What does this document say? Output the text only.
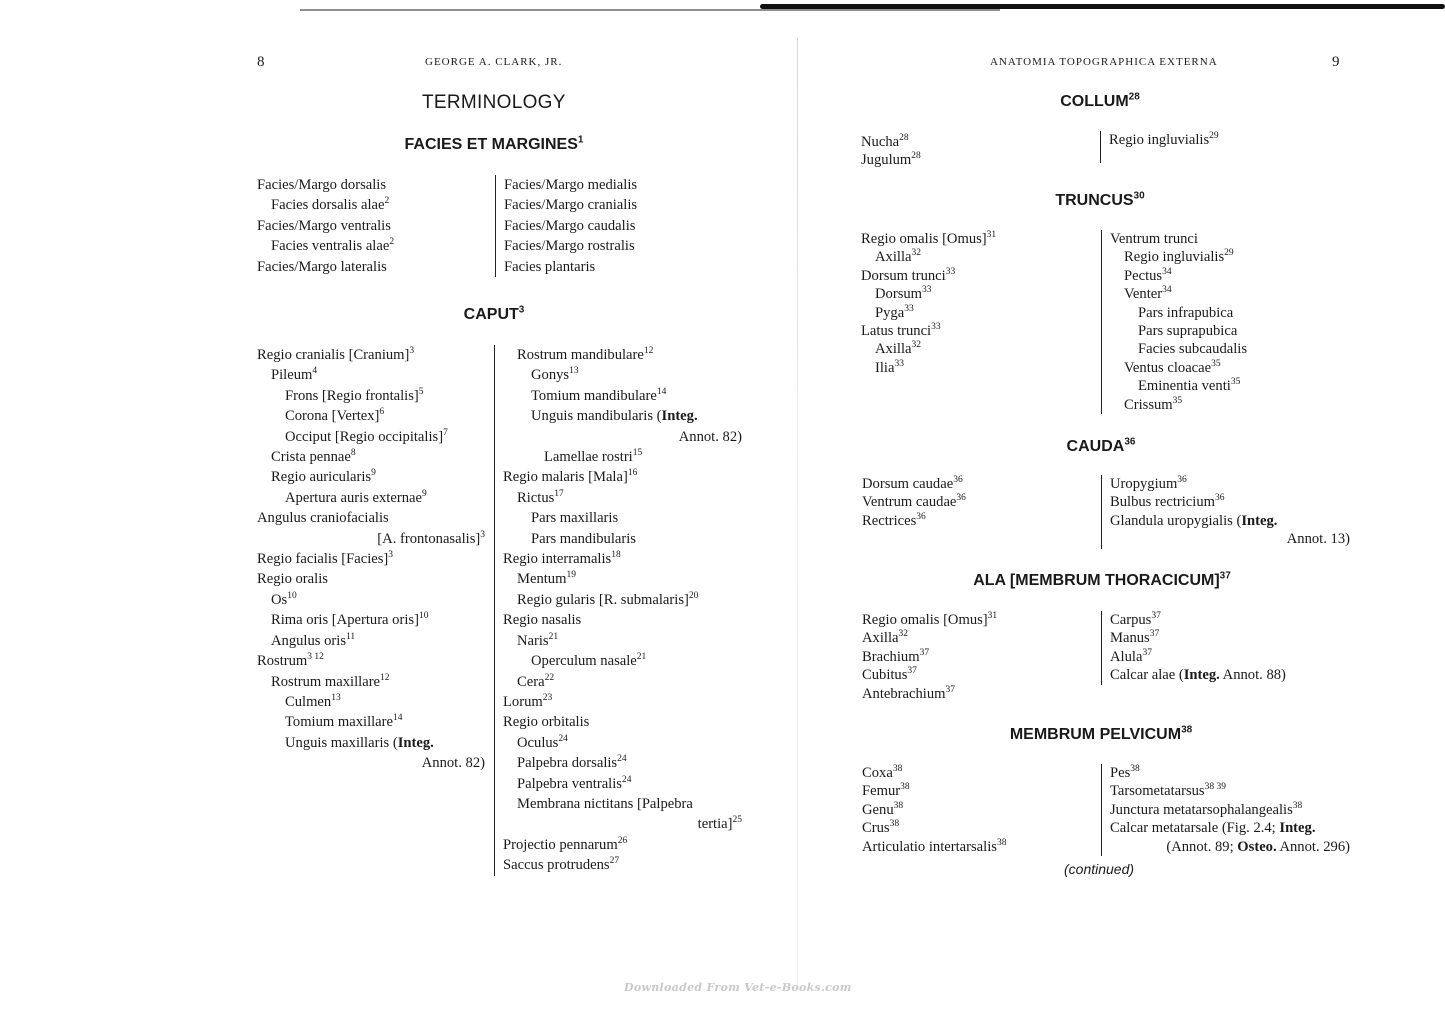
8	GEORGE A. CLARK, JR.
TERMINOLOGY
FACIES ET MARGINES$^1$
Facies/Margo dorsalis
Facies dorsalis alae$^2$
Facies/Margo ventralis
Facies ventralis alae$^2$
Facies/Margo lateralis
Facies/Margo medialis
Facies/Margo cranialis
Facies/Margo caudalis
Facies/Margo rostralis
Facies plantaris
CAPUT$^3$
Regio cranialis [Cranium]$^3$
Pileum$^4$
Frons [Regio frontalis]$^5$
Corona [Vertex]$^6$
Occiput [Regio occipitalis]$^7$
Crista pennae$^8$
Regio auricularis$^9$
Apertura auris externae$^9$
Angulus craniofacialis
[A. frontonasalis]$^3$
Regio facialis [Facies]$^3$
Regio oralis
Os$^{10}$
Rima oris [Apertura oris]$^{10}$
Angulus oris$^{11}$
Rostrum$^{3 12}$
Rostrum maxillare$^{12}$
Culmen$^{13}$
Tomium maxillare$^{14}$
Unguis maxillaris (Integ.
Annot. 82)
Rostrum mandibulare$^{12}$
Gonys$^{13}$
Tomium mandibulare$^{14}$
Unguis mandibularis (Integ.
Annot. 82)
Lamellae rostri$^{15}$
Regio malaris [Mala]$^{16}$
Rictus$^{17}$
Pars maxillaris
Pars mandibularis
Regio interramalis$^{18}$
Mentum$^{19}$
Regio gularis [R. submalaris]$^{20}$
Regio nasalis
Naris$^{21}$
Operculum nasale$^{21}$
Cera$^{22}$
Lorum$^{23}$
Regio orbitalis
Oculus$^{24}$
Palpebra dorsalis$^{24}$
Palpebra ventralis$^{24}$
Membrana nictitans [Palpebra
tertia]$^{25}$
Projectio pennarum$^{26}$
Saccus protrudens$^{27}$
ANATOMIA TOPOGRAPHICA EXTERNA	9
COLLUM$^{28}$
Nucha$^{28}$
Jugulum$^{28}$
Regio ingluvialis$^{29}$
TRUNCUS$^{30}$
Regio omalis [Omus]$^{31}$
Axilla$^{32}$
Dorsum trunci$^{33}$
Dorsum$^{33}$
Pyga$^{33}$
Latus trunci$^{33}$
Axilla$^{32}$
Ilia$^{33}$
Ventrum trunci
Regio ingluvialis$^{29}$
Pectus$^{34}$
Venter$^{34}$
Pars infrapubica
Pars suprapubica
Facies subcaudalis
Ventus cloacae$^{35}$
Eminentia venti$^{35}$
Crissum$^{35}$
CAUDA$^{36}$
Dorsum caudae$^{36}$
Ventrum caudae$^{36}$
Rectrices$^{36}$
Uropygium$^{36}$
Bulbus rectricium$^{36}$
Glandula uropygialis (Integ.
Annot. 13)
ALA [MEMBRUM THORACICUM]$^{37}$
Regio omalis [Omus]$^{31}$
Axilla$^{32}$
Brachium$^{37}$
Cubitus$^{37}$
Antebrachium$^{37}$
Carpus$^{37}$
Manus$^{37}$
Alula$^{37}$
Calcar alae (Integ. Annot. 88)
MEMBRUM PELVICUM$^{38}$
Coxa$^{38}$
Femur$^{38}$
Genu$^{38}$
Crus$^{38}$
Articulatio intertarsalis$^{38}$
Pes$^{38}$
Tarsometatarsus$^{38 39}$
Junctura metatarsophalangealis$^{38}$
Calcar metatarsale (Fig. 2.4; Integ.
(Annot. 89; Osteo. Annot. 296)
(continued)
Downloaded From Vet-e-Books.com
